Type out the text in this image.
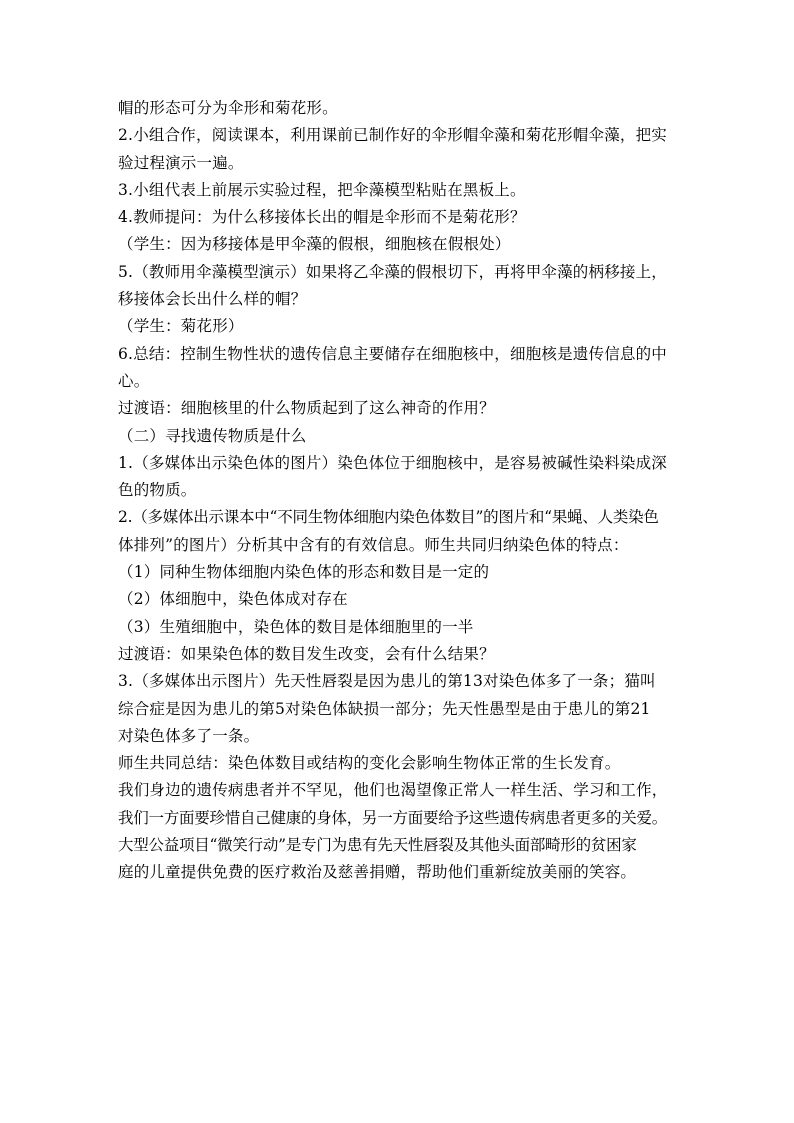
帽的形态可分为伞形和菊花形。
2.小组合作，阅读课本，利用课前已制作好的伞形帽伞藻和菊花形帽伞藻，把实
验过程演示一遍。
3.小组代表上前展示实验过程，把伞藻模型粘贴在黑板上。
4.教师提问：为什么移接体长出的帽是伞形而不是菊花形？
（学生：因为移接体是甲伞藻的假根，细胞核在假根处）
5.（教师用伞藻模型演示）如果将乙伞藻的假根切下，再将甲伞藻的柄移接上，
移接体会长出什么样的帽？
（学生：菊花形）
6.总结：控制生物性状的遗传信息主要储存在细胞核中，细胞核是遗传信息的中
心。
过渡语：细胞核里的什么物质起到了这么神奇的作用？
（二）寻找遗传物质是什么
1.（多媒体出示染色体的图片）染色体位于细胞核中，是容易被碱性染料染成深
色的物质。
2.（多媒体出示课本中“不同生物体细胞内染色体数目”的图片和“果蝇、人类染色
体排列”的图片）分析其中含有的有效信息。师生共同归纳染色体的特点：
（1）同种生物体细胞内染色体的形态和数目是一定的
（2）体细胞中，染色体成对存在
（3）生殖细胞中，染色体的数目是体细胞里的一半
过渡语：如果染色体的数目发生改变，会有什么结果？
3.（多媒体出示图片）先天性唇裂是因为患儿的第13对染色体多了一条；猫叫
综合症是因为患儿的第5对染色体缺损一部分；先天性愚型是由于患儿的第21
对染色体多了一条。
师生共同总结：染色体数目或结构的变化会影响生物体正常的生长发育。
我们身边的遗传病患者并不罕见，他们也渴望像正常人一样生活、学习和工作，
我们一方面要珍惜自己健康的身体，另一方面要给予这些遗传病患者更多的关爱。
大型公益项目“微笑行动”是专门为患有先天性唇裂及其他头面部畸形的贫困家
庭的儿童提供免费的医疗救治及慈善捐赠，帮助他们重新绽放美丽的笑容。
